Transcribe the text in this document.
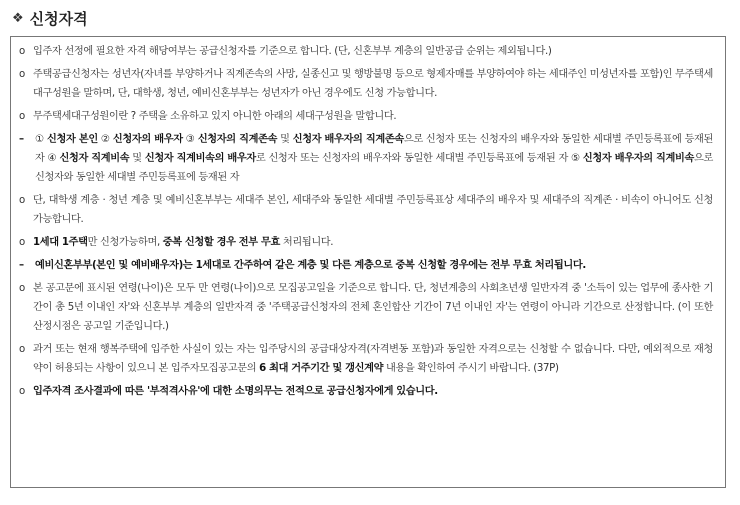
❖ 신청자격
o 입주자 선정에 필요한 자격 해당여부는 공급신청자를 기준으로 합니다. (단, 신혼부부 계층의 일반공급 순위는 제외됩니다.)
o 주택공급신청자는 성년자(자녀를 부양하거나 직계존속의 사망, 실종신고 및 행방불명 등으로 형제자매를 부양하여야 하는 세대주인 미성년자를 포함)인 무주택세대구성원을 말하며, 단, 대학생, 청년, 예비신혼부부는 성년자가 아닌 경우에도 신청 가능합니다.
o 무주택세대구성원이란 ? 주택을 소유하고 있지 아니한 아래의 세대구성원을 말합니다.
–	① 신청자 본인 ② 신청자의 배우자 ③ 신청자의 직계존속 및 신청자 배우자의 직계존속으로 신청자 또는 신청자의 배우자와 동일한 세대별 주민등록표에 등재된 자 ④ 신청자 직계비속 및 신청자 직계비속의 배우자로 신청자 또는 신청자의 배우자와 동일한 세대별 주민등록표에 등재된 자 ⑤ 신청자 배우자의 직계비속으로 신청자와 동일한 세대별 주민등록표에 등재된 자
o 단, 대학생 계층 · 청년 계층 및 예비신혼부부는 세대주 본인, 세대주와 동일한 세대별 주민등록표상 세대주의 배우자 및 세대주의 직계존 · 비속이 아니어도 신청 가능합니다.
o 1세대 1주택만 신청가능하며, 중복 신청할 경우 전부 무효 처리됩니다.
–	예비신혼부부(본인 및 예비배우자)는 1세대로 간주하여 같은 계층 및 다른 계층으로 중복 신청할 경우에는 전부 무효 처리됩니다.
o 본 공고문에 표시된 연령(나이)은 모두 만 연령(나이)으로 모집공고일을 기준으로 합니다. 단, 청년계층의 사회초년생 일반자격 중 '소득이 있는 업무에 종사한 기간이 총 5년 이내인 자'와 신혼부부 계층의 일반자격 중 '주택공급신청자의 전체 혼인합산 기간이 7년 이내인 자'는 연령이 아니라 기간으로 산정합니다. (이 또한 산정시점은 공고일 기준입니다.)
o 과거 또는 현재 행복주택에 입주한 사실이 있는 자는 입주당시의 공급대상자격(자격변동 포함)과 동일한 자격으로는 신청할 수 없습니다. 다만, 예외적으로 재청약이 허용되는 사항이 있으니 본 입주자모집공고문의 6 최대 거주기간 및 갱신계약 내용을 확인하여 주시기 바랍니다. (37P)
o 입주자격 조사결과에 따른 '부적격사유'에 대한 소명의무는 전적으로 공급신청자에게 있습니다.
